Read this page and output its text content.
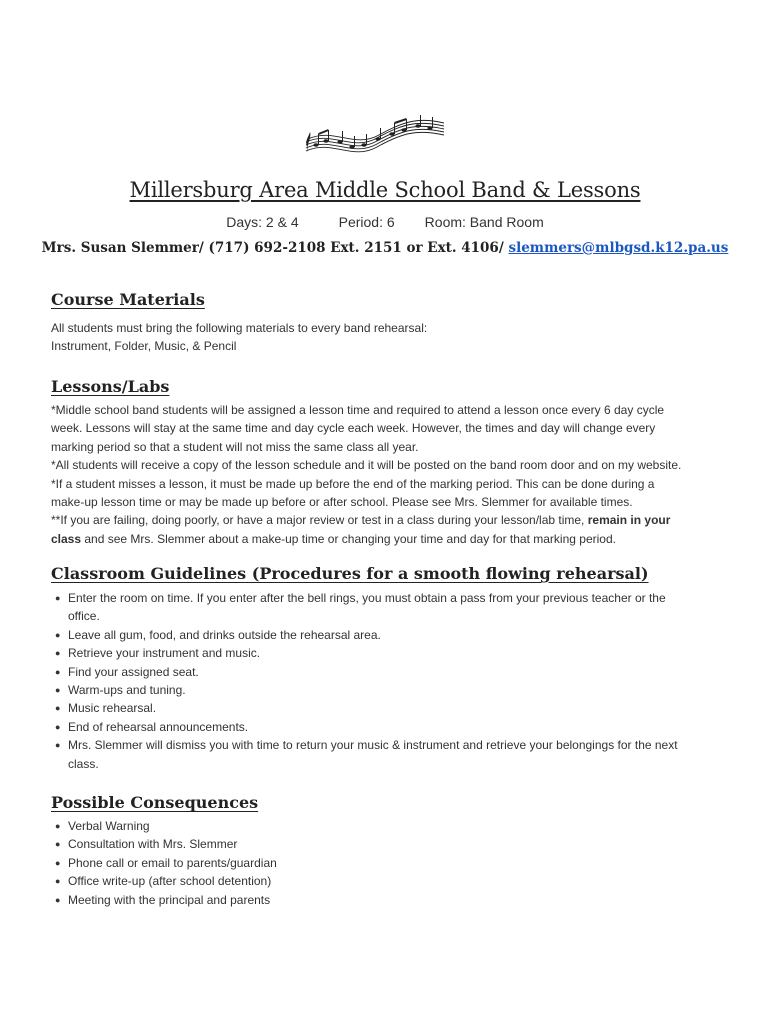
Millersburg Area Middle School Band & Lessons
Days: 2 & 4	Period: 6 Room: Band Room
Mrs. Susan Slemmer/ (717) 692-2108 Ext. 2151 or Ext. 4106/ slemmers@mlbgsd.k12.pa.us
Course Materials
All students must bring the following materials to every band rehearsal:
Instrument, Folder, Music, & Pencil
Lessons/Labs
*Middle school band students will be assigned a lesson time and required to attend a lesson once every 6 day cycle
week. Lessons will stay at the same time and day cycle each week. However, the times and day will change every
marking period so that a student will not miss the same class all year.
*All students will receive a copy of the lesson schedule and it will be posted on the band room door and on my website.
*If a student misses a lesson, it must be made up before the end of the marking period. This can be done during a
make-up lesson time or may be made up before or after school. Please see Mrs. Slemmer for available times.
**If you are failing, doing poorly, or have a major review or test in a class during your lesson/lab time, remain in your
class and see Mrs. Slemmer about a make-up time or changing your time and day for that marking period.
Classroom Guidelines (Procedures for a smooth flowing rehearsal)
● Enter the room on time. If you enter after the bell rings, you must obtain a pass from your previous teacher or the
office.
● Leave all gum, food, and drinks outside the rehearsal area.
● Retrieve your instrument and music.
● Find your assigned seat.
● Warm-ups and tuning.
● Music rehearsal.
● End of rehearsal announcements.
● Mrs. Slemmer will dismiss you with time to return your music & instrument and retrieve your belongings for the next
class.
Possible Consequences
● Verbal Warning
● Consultation with Mrs. Slemmer
● Phone call or email to parents/guardian
● Office write-up (after school detention)
● Meeting with the principal and parents
